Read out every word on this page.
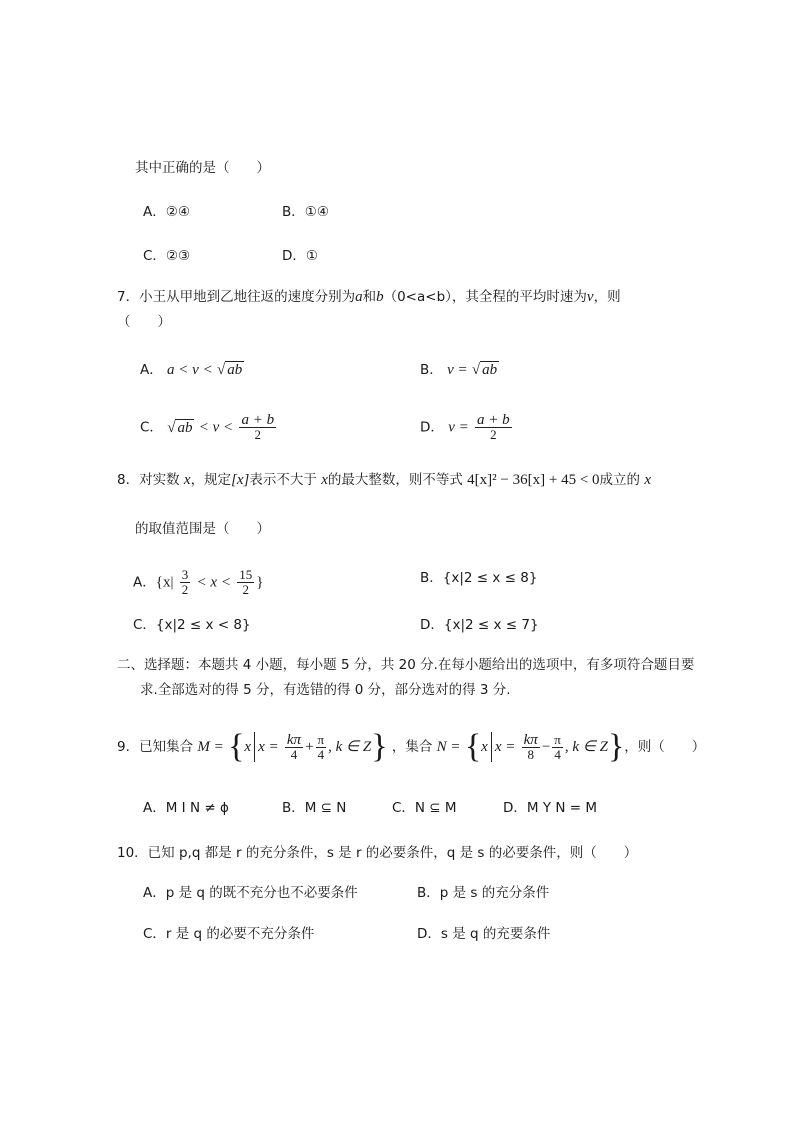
其中正确的是（　　）
A．②④	B．①④
C．②③	D．①
7．小王从甲地到乙地往返的速度分别为a和b（0<a<b），其全程的平均时速为v，则
（　　）
A． a < v < √ ab	B． v = √ ab
C． √ ab < $v < \frac{a + b}{2}$	D． $v = \frac{a + b}{2}$
8．对实数 x，规定[x]表示不大于 x的最大整数，则不等式 4[x]² − 36[x] + 45 < 0成立的 x
的取值范围是（　　）
A．{$x| \frac{3}{2} < x < \frac{15}{2}$ }	B．{x|2 ≤ x ≤ 8}
C．{x|2 ≤ x < 8}	D．{x|2 ≤ x ≤ 7}
二、选择题：本题共 4 小题，每小题 5 分，共 20 分.在每小题给出的选项中，有多项符合题目要
求.全部选对的得 5 分，有选错的得 0 分，部分选对的得 3 分.
9．已知集合 M = {x $x = \frac{k\pi}{4} + \frac{\pi}{4}$ , k ∈ Z} ，集合 N = {x $x = \frac{k\pi}{8} - \frac{\pi}{4}$ , k ∈ Z}，则（　　）
A．M I N ≠ ϕ	B．M ⊆ N	C．N ⊆ M	D．M Y N = M
10．已知 p,q 都是 r 的充分条件，s 是 r 的必要条件，q 是 s 的必要条件，则（　　）
A．p 是 q 的既不充分也不必要条件	B．p 是 s 的充分条件
C．r 是 q 的必要不充分条件	D．s 是 q 的充要条件
